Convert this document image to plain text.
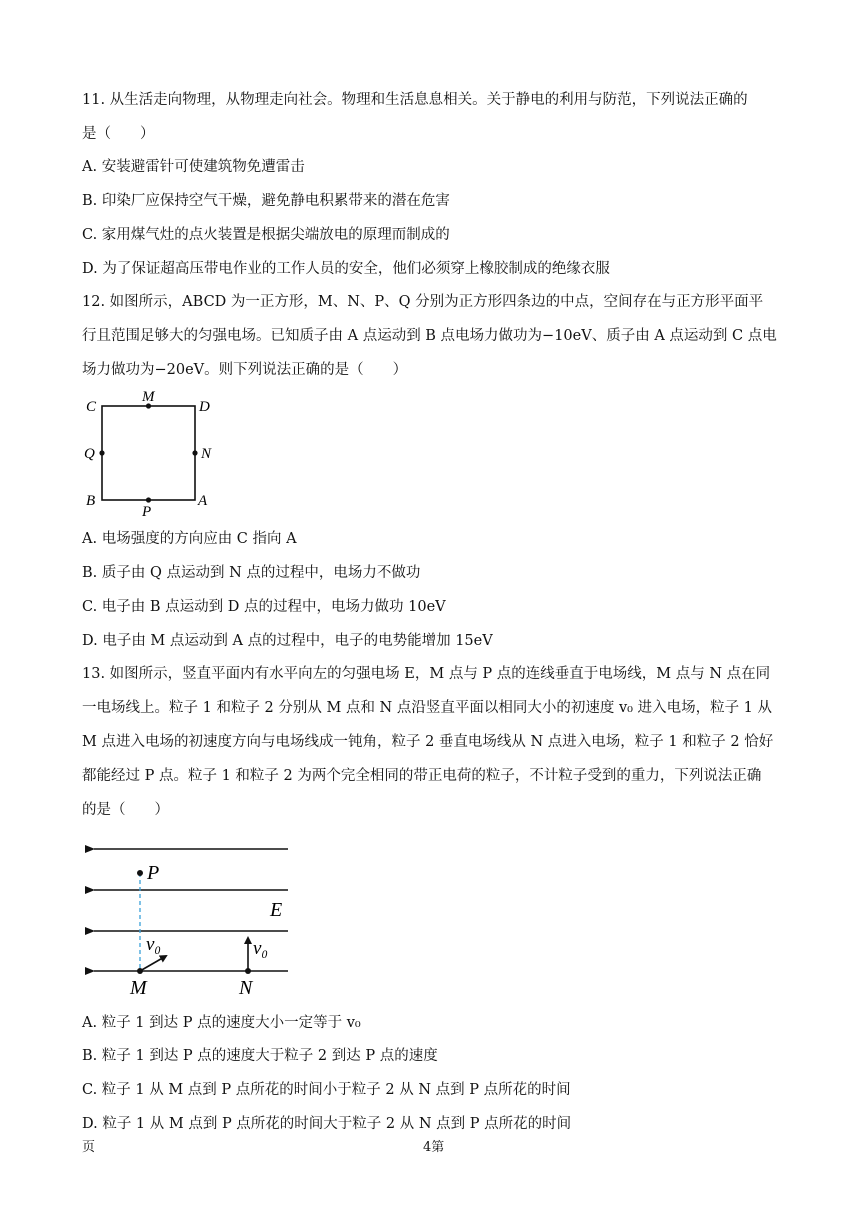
11. 从生活走向物理，从物理走向社会。物理和生活息息相关。关于静电的利用与防范，下列说法正确的
是（　　）
A. 安装避雷针可使建筑物免遭雷击
B. 印染厂应保持空气干燥，避免静电积累带来的潜在危害
C. 家用煤气灶的点火装置是根据尖端放电的原理而制成的
D. 为了保证超高压带电作业的工作人员的安全，他们必须穿上橡胶制成的绝缘衣服
12. 如图所示，ABCD 为一正方形，M、N、P、Q 分别为正方形四条边的中点，空间存在与正方形平面平
行且范围足够大的匀强电场。已知质子由 A 点运动到 B 点电场力做功为−10eV、质子由 A 点运动到 C 点电
场力做功为−20eV。则下列说法正确的是（　　）
C
M
D
Q	N
B
P
A
A. 电场强度的方向应由 C 指向 A
B. 质子由 Q 点运动到 N 点的过程中，电场力不做功
C. 电子由 B 点运动到 D 点的过程中，电场力做功 10eV
D. 电子由 M 点运动到 A 点的过程中，电子的电势能增加 15eV
13. 如图所示，竖直平面内有水平向左的匀强电场 E，M 点与 P 点的连线垂直于电场线，M 点与 N 点在同
一电场线上。粒子 1 和粒子 2 分别从 M 点和 N 点沿竖直平面以相同大小的初速度 v₀ 进入电场，粒子 1 从
M 点进入电场的初速度方向与电场线成一钝角，粒子 2 垂直电场线从 N 点进入电场，粒子 1 和粒子 2 恰好
都能经过 P 点。粒子 1 和粒子 2 为两个完全相同的带正电荷的粒子，不计粒子受到的重力，下列说法正确
的是（　　）
P
E
v₀	v₀
M	N
A. 粒子 1 到达 P 点的速度大小一定等于 v₀
B. 粒子 1 到达 P 点的速度大于粒子 2 到达 P 点的速度
C. 粒子 1 从 M 点到 P 点所花的时间小于粒子 2 从 N 点到 P 点所花的时间
D. 粒子 1 从 M 点到 P 点所花的时间大于粒子 2 从 N 点到 P 点所花的时间
页	4第
